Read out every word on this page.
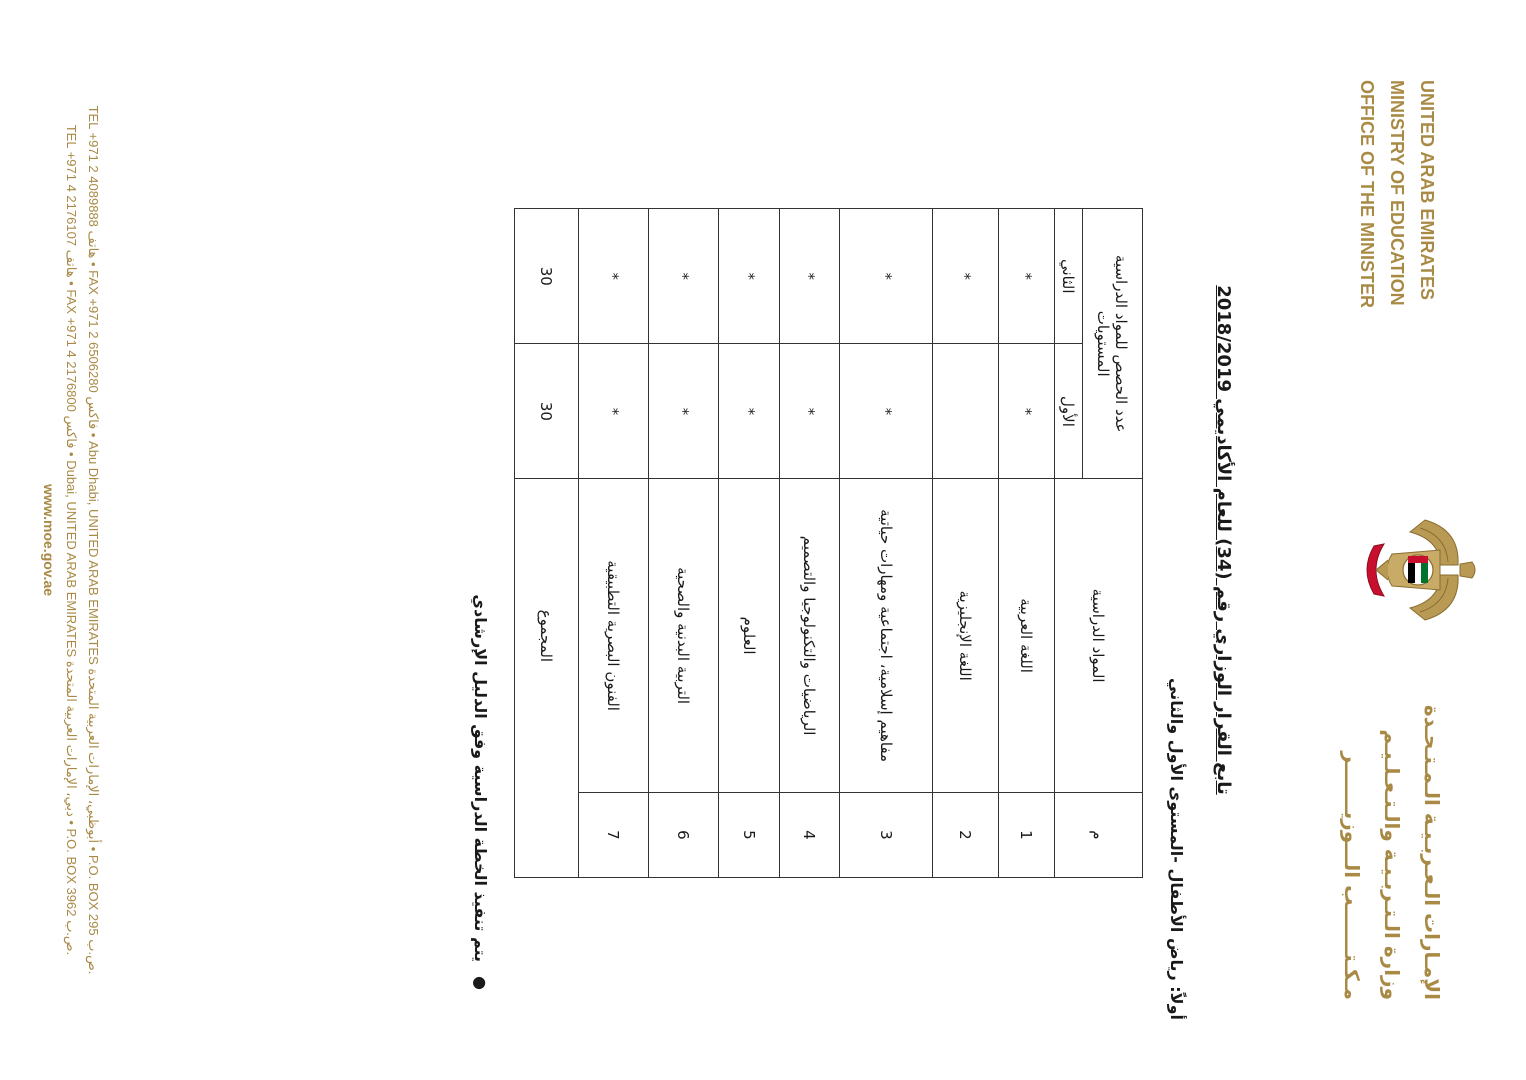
UNITED ARAB EMIRATES
MINISTRY OF EDUCATION
OFFICE OF THE MINISTER
الإمـارات الـعـربـيـة الـمـتـحـدة
وزارة الـتـربـيـة والـتـعـلـيـم
مـكـتـــــــب الـــوزيـــــــر
تابع القرار الوزاري رقم (34) للعام الأكاديمي 2018/2019
أولاً: رياض الأطفال -المستوى الأول والثاني
م	المواد الدراسية	عدد الحصص للمواد الدراسية
المستويات	

		الأول	الثاني
1	اللغة العربية	*	*
2	اللغة الإنجليزية		*
3	مفاهيم إسلامية، اجتماعية ومهارات حياتية	*	*
4	الرياضيات والتكنولوجيا والتصميم	*	*
5	العلوم	*	*
6	التربية البدنية والصحية	*	*
7	الفنون البصرية التطبيقية	*	*
	المجموع	30	30
●يتم تنفيذ الخطة الدراسية وفق الدليل الإرشادي
TEL +971 2 4089888 هاتف • FAX +971 2 6506280 فاكس • Abu Dhabi, UNITED ARAB EMIRATES أبوظبي، الإمارات العربية المتحدة • P.O. BOX 295 ص.ب.
TEL +971 4 2176107 هاتف • FAX +971 4 2176800 فاكس • Dubai, UNITED ARAB EMIRATES دبي، الإمارات العربية المتحدة • P.O. BOX 3962 ص.ب.
www.moe.gov.ae
